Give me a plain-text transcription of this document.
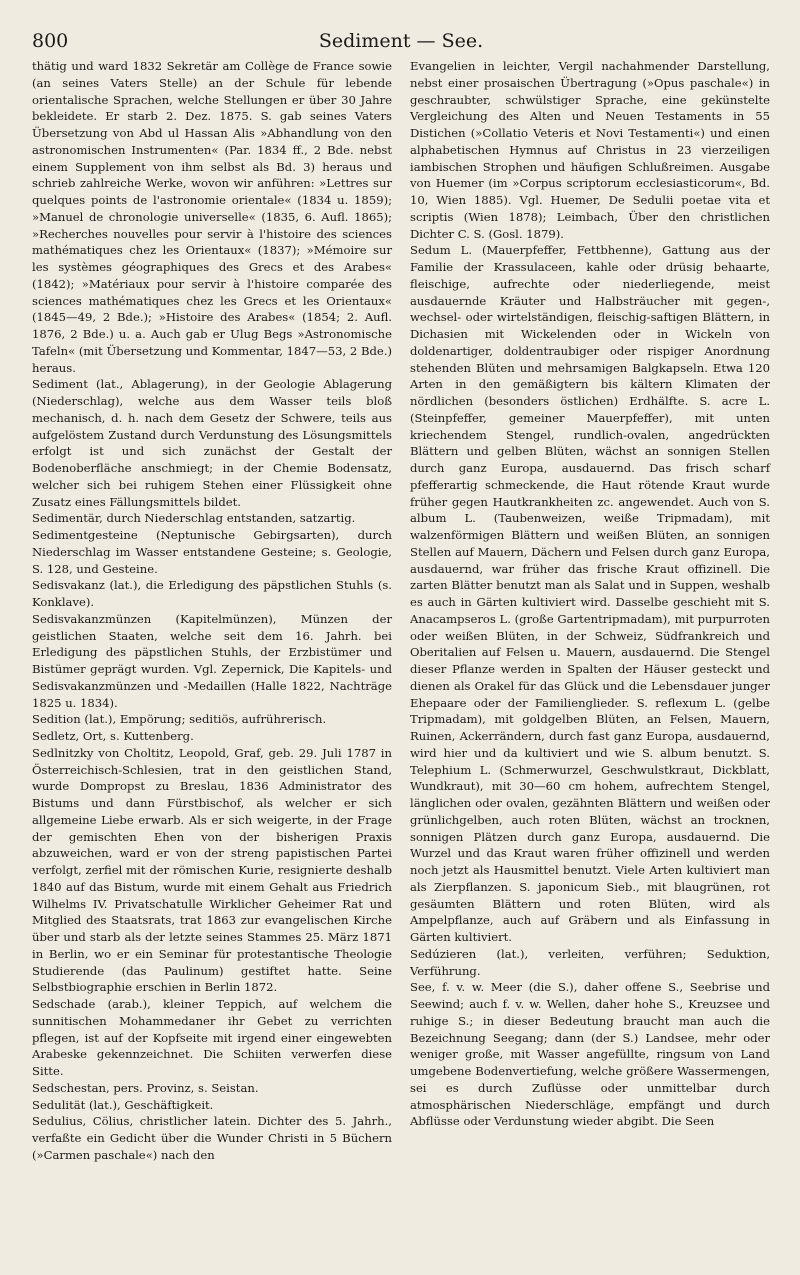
800	Sediment — See.

thätig und ward 1832 Sekretär am Collège de France sowie (an seines Vaters Stelle) an der Schule für lebende orientalische Sprachen, welche Stellungen er über 30 Jahre bekleidete. Er starb 2. Dez. 1875. S. gab seines Vaters Übersetzung von Abd ul Hassan Alis »Abhandlung von den astronomischen Instrumenten« (Par. 1834 ff., 2 Bde. nebst einem Supplement von ihm selbst als Bd. 3) heraus und schrieb zahlreiche Werke, wovon wir anführen: »Lettres sur quelques points de l'astronomie orientale« (1834 u. 1859); »Manuel de chronologie universelle« (1835, 6. Aufl. 1865); »Recherches nouvelles pour servir à l'histoire des sciences mathématiques chez les Orientaux« (1837); »Mémoire sur les systèmes géographiques des Grecs et des Arabes« (1842); »Matériaux pour servir à l'histoire comparée des sciences mathématiques chez les Grecs et les Orientaux« (1845—49, 2 Bde.); »Histoire des Arabes« (1854; 2. Aufl. 1876, 2 Bde.) u. a. Auch gab er Ulug Begs »Astronomische Tafeln« (mit Übersetzung und Kommentar, 1847—53, 2 Bde.) heraus.

Sediment (lat., Ablagerung), in der Geologie Ablagerung (Niederschlag), welche aus dem Wasser teils bloß mechanisch, d. h. nach dem Gesetz der Schwere, teils aus aufgelöstem Zustand durch Verdunstung des Lösungsmittels erfolgt ist und sich zunächst der Gestalt der Bodenoberfläche anschmiegt; in der Chemie Bodensatz, welcher sich bei ruhigem Stehen einer Flüssigkeit ohne Zusatz eines Fällungsmittels bildet.

Sedimentär, durch Niederschlag entstanden, satzartig.

Sedimentgesteine (Neptunische Gebirgsarten), durch Niederschlag im Wasser entstandene Gesteine; s. Geologie, S. 128, und Gesteine.

Sedisvakanz (lat.), die Erledigung des päpstlichen Stuhls (s. Konklave).

Sedisvakanzmünzen (Kapitelmünzen), Münzen der geistlichen Staaten, welche seit dem 16. Jahrh. bei Erledigung des päpstlichen Stuhls, der Erzbistümer und Bistümer geprägt wurden. Vgl. Zepernick, Die Kapitels- und Sedisvakanzmünzen und -Medaillen (Halle 1822, Nachträge 1825 u. 1834).

Sedition (lat.), Empörung; seditiös, aufrührerisch.

Sedletz, Ort, s. Kuttenberg.

Sedlnitzky von Choltitz, Leopold, Graf, geb. 29. Juli 1787 in Österreichisch-Schlesien, trat in den geistlichen Stand, wurde Dompropst zu Breslau, 1836 Administrator des Bistums und dann Fürstbischof, als welcher er sich allgemeine Liebe erwarb. Als er sich weigerte, in der Frage der gemischten Ehen von der bisherigen Praxis abzuweichen, ward er von der streng papistischen Partei verfolgt, zerfiel mit der römischen Kurie, resignierte deshalb 1840 auf das Bistum, wurde mit einem Gehalt aus Friedrich Wilhelms IV. Privatschatulle Wirklicher Geheimer Rat und Mitglied des Staatsrats, trat 1863 zur evangelischen Kirche über und starb als der letzte seines Stammes 25. März 1871 in Berlin, wo er ein Seminar für protestantische Theologie Studierende (das Paulinum) gestiftet hatte. Seine Selbstbiographie erschien in Berlin 1872.

Sedschade (arab.), kleiner Teppich, auf welchem die sunnitischen Mohammedaner ihr Gebet zu verrichten pflegen, ist auf der Kopfseite mit irgend einer eingewebten Arabeske gekennzeichnet. Die Schiiten verwerfen diese Sitte.

Sedschestan, pers. Provinz, s. Seistan.

Sedulität (lat.), Geschäftigkeit.

Sedulius, Cölius, christlicher latein. Dichter des 5. Jahrh., verfaßte ein Gedicht über die Wunder Christi in 5 Büchern (»Carmen paschale«) nach den

Evangelien in leichter, Vergil nachahmender Darstellung, nebst einer prosaischen Übertragung (»Opus paschale«) in geschraubter, schwülstiger Sprache, eine gekünstelte Vergleichung des Alten und Neuen Testaments in 55 Distichen (»Collatio Veteris et Novi Testamenti«) und einen alphabetischen Hymnus auf Christus in 23 vierzeiligen iambischen Strophen und häufigen Schlußreimen. Ausgabe von Huemer (im »Corpus scriptorum ecclesiasticorum«, Bd. 10, Wien 1885). Vgl. Huemer, De Sedulii poetae vita et scriptis (Wien 1878); Leimbach, Über den christlichen Dichter C. S. (Gosl. 1879).

Sedum L. (Mauerpfeffer, Fettbhenne), Gattung aus der Familie der Krassulaceen, kahle oder drüsig behaarte, fleischige, aufrechte oder niederliegende, meist ausdauernde Kräuter und Halbsträucher mit gegen-, wechsel- oder wirtelständigen, fleischig-saftigen Blättern, in Dichasien mit Wickelenden oder in Wickeln von doldenartiger, doldentraubiger oder rispiger Anordnung stehenden Blüten und mehrsamigen Balgkapseln. Etwa 120 Arten in den gemäßigtern bis kältern Klimaten der nördlichen (besonders östlichen) Erdhälfte. S. acre L. (Steinpfeffer, gemeiner Mauerpfeffer), mit unten kriechendem Stengel, rundlich-ovalen, angedrückten Blättern und gelben Blüten, wächst an sonnigen Stellen durch ganz Europa, ausdauernd. Das frisch scharf pfefferartig schmeckende, die Haut rötende Kraut wurde früher gegen Hautkrankheiten zc. angewendet. Auch von S. album L. (Taubenweizen, weiße Tripmadam), mit walzenförmigen Blättern und weißen Blüten, an sonnigen Stellen auf Mauern, Dächern und Felsen durch ganz Europa, ausdauernd, war früher das frische Kraut offizinell. Die zarten Blätter benutzt man als Salat und in Suppen, weshalb es auch in Gärten kultiviert wird. Dasselbe geschieht mit S. Anacampseros L. (große Gartentripmadam), mit purpurroten oder weißen Blüten, in der Schweiz, Südfrankreich und Oberitalien auf Felsen u. Mauern, ausdauernd. Die Stengel dieser Pflanze werden in Spalten der Häuser gesteckt und dienen als Orakel für das Glück und die Lebensdauer junger Ehepaare oder der Familienglieder. S. reflexum L. (gelbe Tripmadam), mit goldgelben Blüten, an Felsen, Mauern, Ruinen, Ackerrändern, durch fast ganz Europa, ausdauernd, wird hier und da kultiviert und wie S. album benutzt. S. Telephium L. (Schmerwurzel, Geschwulstkraut, Dickblatt, Wundkraut), mit 30—60 cm hohem, aufrechtem Stengel, länglichen oder ovalen, gezähnten Blättern und weißen oder grünlichgelben, auch roten Blüten, wächst an trocknen, sonnigen Plätzen durch ganz Europa, ausdauernd. Die Wurzel und das Kraut waren früher offizinell und werden noch jetzt als Hausmittel benutzt. Viele Arten kultiviert man als Zierpflanzen. S. japonicum Sieb., mit blaugrünen, rot gesäumten Blättern und roten Blüten, wird als Ampelpflanze, auch auf Gräbern und als Einfassung in Gärten kultiviert.

Sedúzieren (lat.), verleiten, verführen; Seduktion, Verführung.

See, f. v. w. Meer (die S.), daher offene S., Seebrise und Seewind; auch f. v. w. Wellen, daher hohe S., Kreuzsee und ruhige S.; in dieser Bedeutung braucht man auch die Bezeichnung Seegang; dann (der S.) Landsee, mehr oder weniger große, mit Wasser angefüllte, ringsum von Land umgebene Bodenvertiefung, welche größere Wassermengen, sei es durch Zuflüsse oder unmittelbar durch atmosphärischen Niederschläge, empfängt und durch Abflüsse oder Verdunstung wieder abgibt. Die Seen
